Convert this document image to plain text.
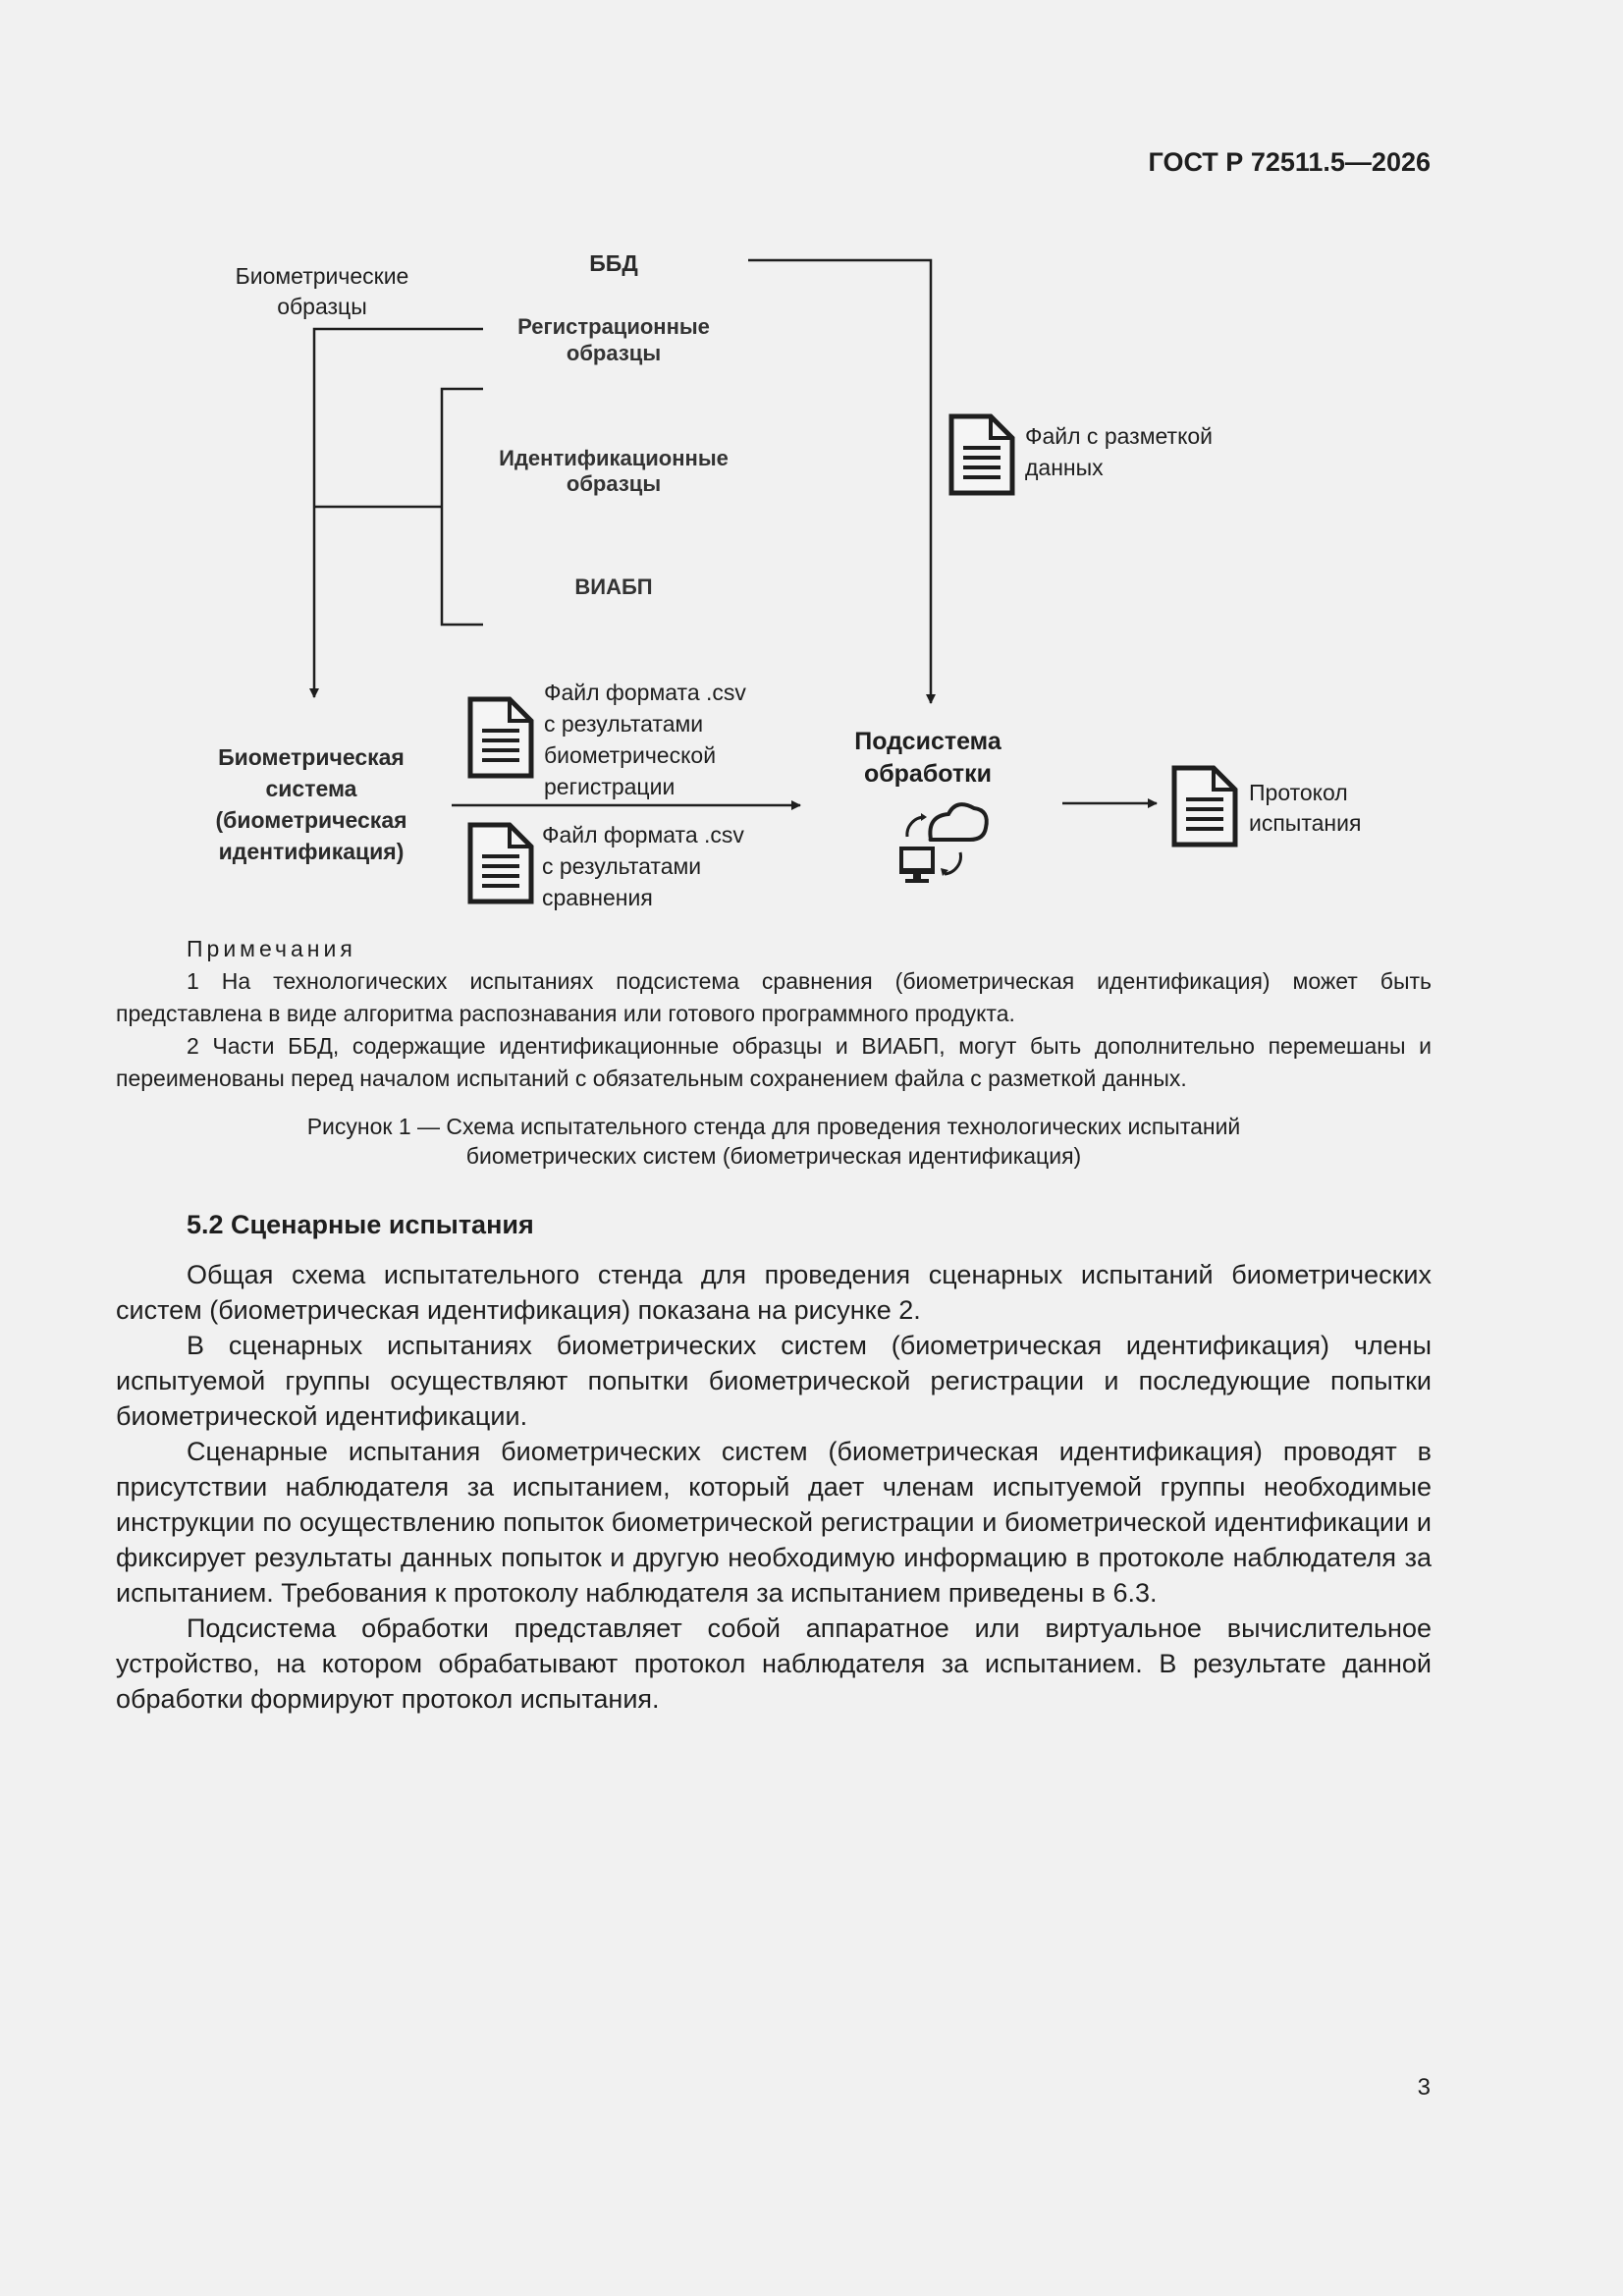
ГОСТ Р 72511.5—2026
Биометрические
образцы
ББД
Регистрационные
образцы
Идентификационные
образцы
ВИАБП
Файл с разметкой
данных
Биометрическая
система
(биометрическая
идентификация)
Файл формата .csv
с результатами
биометрической
регистрации
Файл формата .csv
с результатами
сравнения
Подсистема
обработки
Протокол
испытания
Примечания

1 На технологических испытаниях подсистема сравнения (биометрическая идентификация) может быть представлена в виде алгоритма распознавания или готового программного продукта.

2 Части ББД, содержащие идентификационные образцы и ВИАБП, могут быть дополнительно перемешаны и переименованы перед началом испытаний с обязательным сохранением файла с разметкой данных.

Рисунок 1 — Схема испытательного стенда для проведения технологических испытаний
биометрических систем (биометрическая идентификация)
5.2 Сценарные испытания

Общая схема испытательного стенда для проведения сценарных испытаний биометрических систем (биометрическая идентификация) показана на рисунке 2.

В сценарных испытаниях биометрических систем (биометрическая идентификация) члены испытуемой группы осуществляют попытки биометрической регистрации и последующие попытки биометрической идентификации.

Сценарные испытания биометрических систем (биометрическая идентификация) проводят в присутствии наблюдателя за испытанием, который дает членам испытуемой группы необходимые инструкции по осуществлению попыток биометрической регистрации и биометрической идентификации и фиксирует результаты данных попыток и другую необходимую информацию в протоколе наблюдателя за испытанием. Требования к протоколу наблюдателя за испытанием приведены в 6.3.

Подсистема обработки представляет собой аппаратное или виртуальное вычислительное устройство, на котором обрабатывают протокол наблюдателя за испытанием. В результате данной обработки формируют протокол испытания.

3
